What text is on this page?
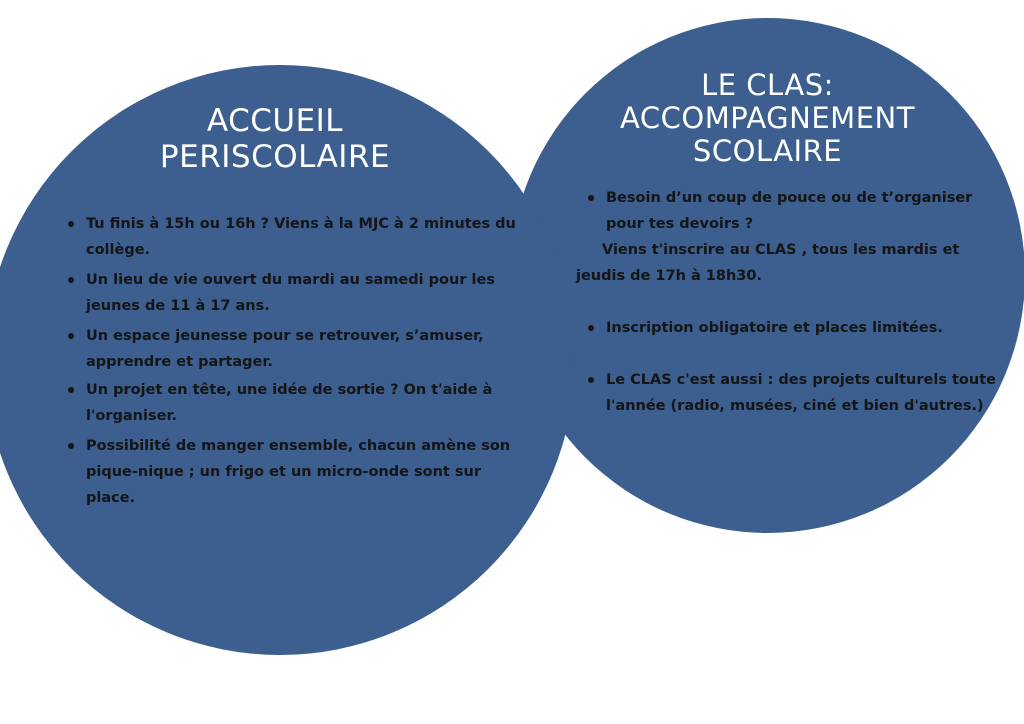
ACCUEIL
PERISCOLAIRE
Tu finis à 15h ou 16h ? Viens à la MJC à 2 minutes du collège.
Un lieu de vie ouvert du mardi au samedi pour les jeunes de 11 à 17 ans.
Un espace jeunesse pour se retrouver, s’amuser, apprendre et partager.
Un projet en tête, une idée de sortie ? On t'aide à l'organiser.
Possibilité de manger ensemble, chacun amène son pique-nique ; un frigo et un micro-onde sont sur place.
LE CLAS:
ACCOMPAGNEMENT
SCOLAIRE
Besoin d’un coup de pouce ou de t’organiser pour tes devoirs ?

Viens t'inscrire au CLAS , tous les mardis et jeudis de 17h à 18h30.

Inscription obligatoire et places limitées.
Le CLAS c'est aussi : des projets culturels toute l'année (radio, musées, ciné et bien d'autres.)
